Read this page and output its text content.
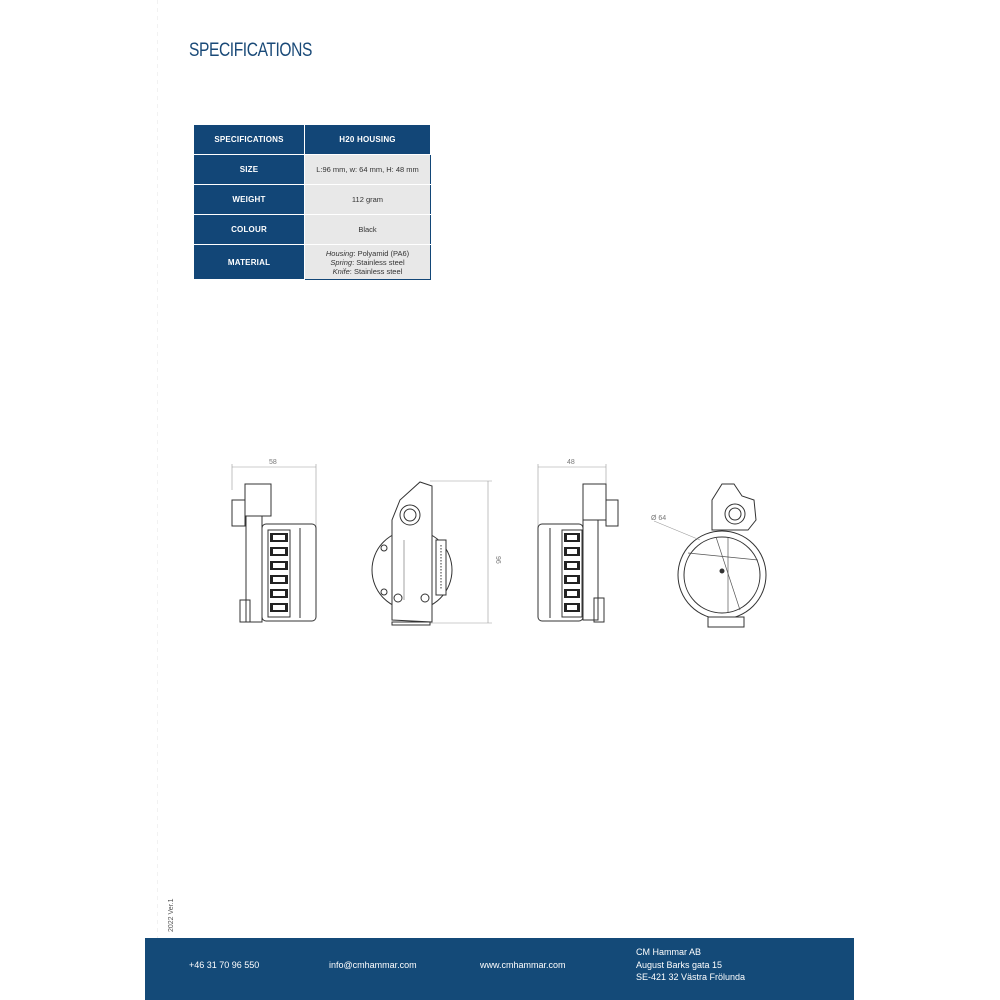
SPECIFICATIONS
SPECIFICATIONS	H20 HOUSING
SIZE	L:96 mm, w: 64 mm, H: 48 mm
WEIGHT	112 gram
COLOUR	Black
MATERIAL	Housing: Polyamid (PA6)
Spring: Stainless steel
Knife: Stainless steel
58
96
48
Ø 64
2022 Ver.1
+46 31 70 96 550	info@cmhammar.com	www.cmhammar.com
CM Hammar AB
August Barks gata 15
SE-421 32 Västra Frölunda
